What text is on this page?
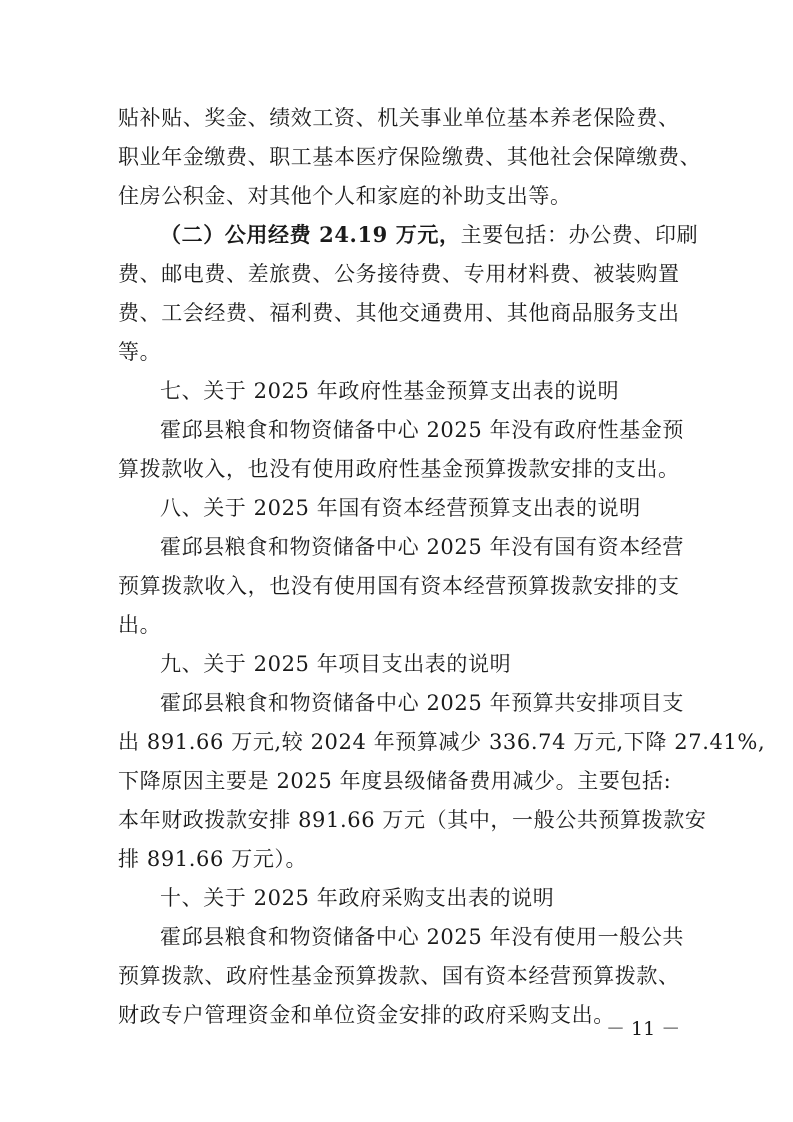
贴补贴、奖金、绩效工资、机关事业单位基本养老保险费、
职业年金缴费、职工基本医疗保险缴费、其他社会保障缴费、
住房公积金、对其他个人和家庭的补助支出等。
（二）公用经费 24.19 万元，主要包括：办公费、印刷
费、邮电费、差旅费、公务接待费、专用材料费、被装购置
费、工会经费、福利费、其他交通费用、其他商品服务支出
等。
七、关于 2025 年政府性基金预算支出表的说明
霍邱县粮食和物资储备中心 2025 年没有政府性基金预
算拨款收入，也没有使用政府性基金预算拨款安排的支出。
八、关于 2025 年国有资本经营预算支出表的说明
霍邱县粮食和物资储备中心 2025 年没有国有资本经营
预算拨款收入，也没有使用国有资本经营预算拨款安排的支
出。
九、关于 2025 年项目支出表的说明
霍邱县粮食和物资储备中心 2025 年预算共安排项目支
出 891.66 万元,较 2024 年预算减少 336.74 万元,下降 27.41%,
下降原因主要是 2025 年度县级储备费用减少。主要包括:
本年财政拨款安排 891.66 万元（其中，一般公共预算拨款安
排 891.66 万元）。
十、关于 2025 年政府采购支出表的说明
霍邱县粮食和物资储备中心 2025 年没有使用一般公共
预算拨款、政府性基金预算拨款、国有资本经营预算拨款、
财政专户管理资金和单位资金安排的政府采购支出。
－ 11 －
